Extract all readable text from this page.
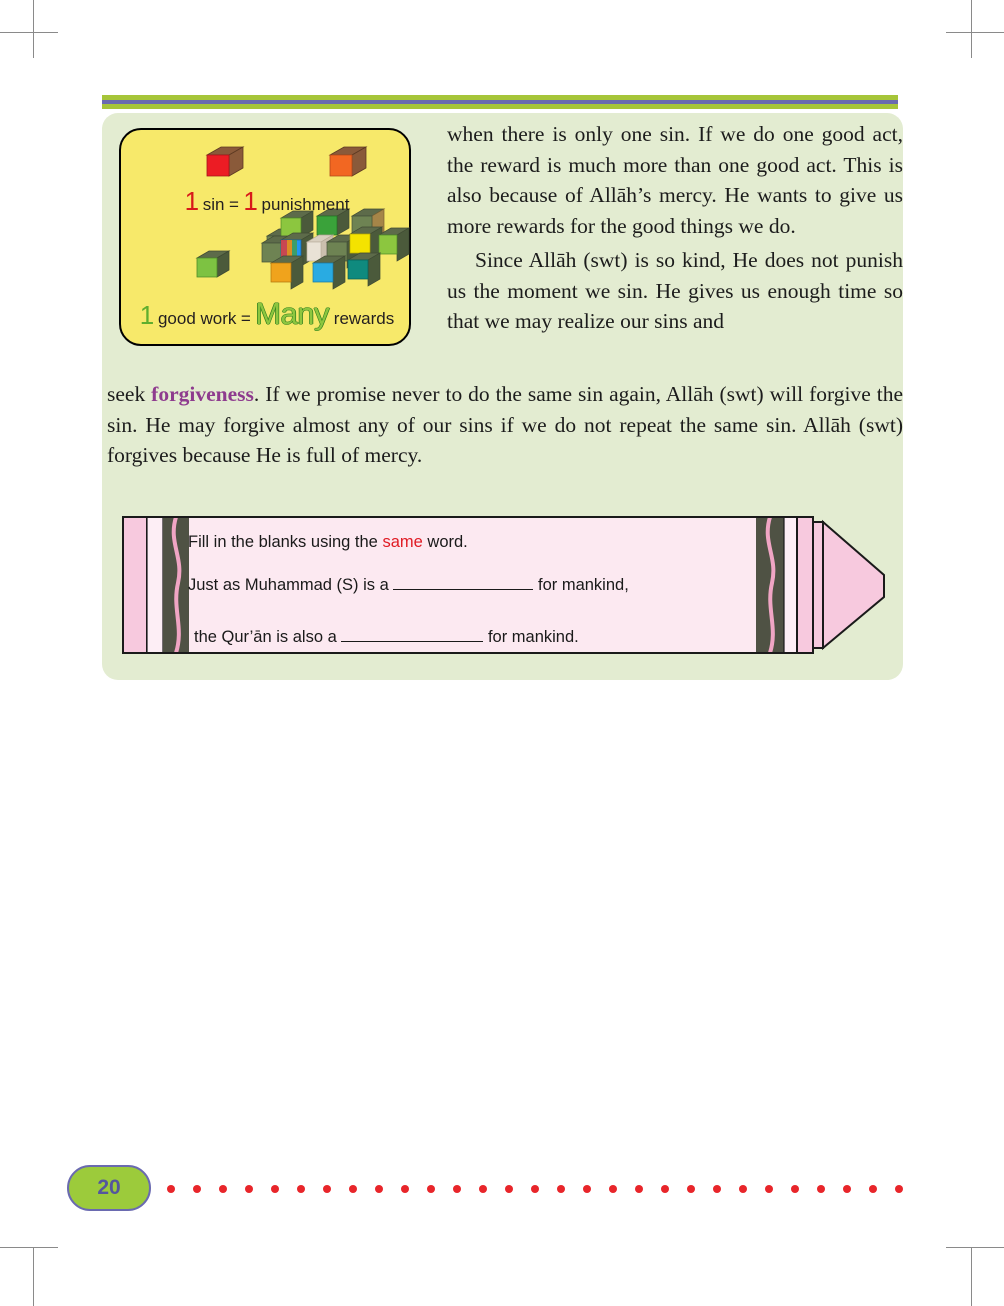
1 sin = 1 punishment
1 good work = Many rewards

when there is only one sin. If we do one good act, the reward is much more than one good act. This is also because of Allāh’s mercy. He wants to give us more rewards for the good things we do.

Since Allāh (swt) is so kind, He does not punish us the moment we sin. He gives us enough time so that we may realize our sins and

seek forgiveness. If we promise never to do the same sin again, Allāh (swt) will forgive the sin. He may forgive almost any of our sins if we do not repeat the same sin. Allāh (swt) forgives because He is full of mercy.

Fill in the blanks using the same word.
Just as Muhammad (S) is a	for mankind,
the Qur’ān is also a	for mankind.
20
